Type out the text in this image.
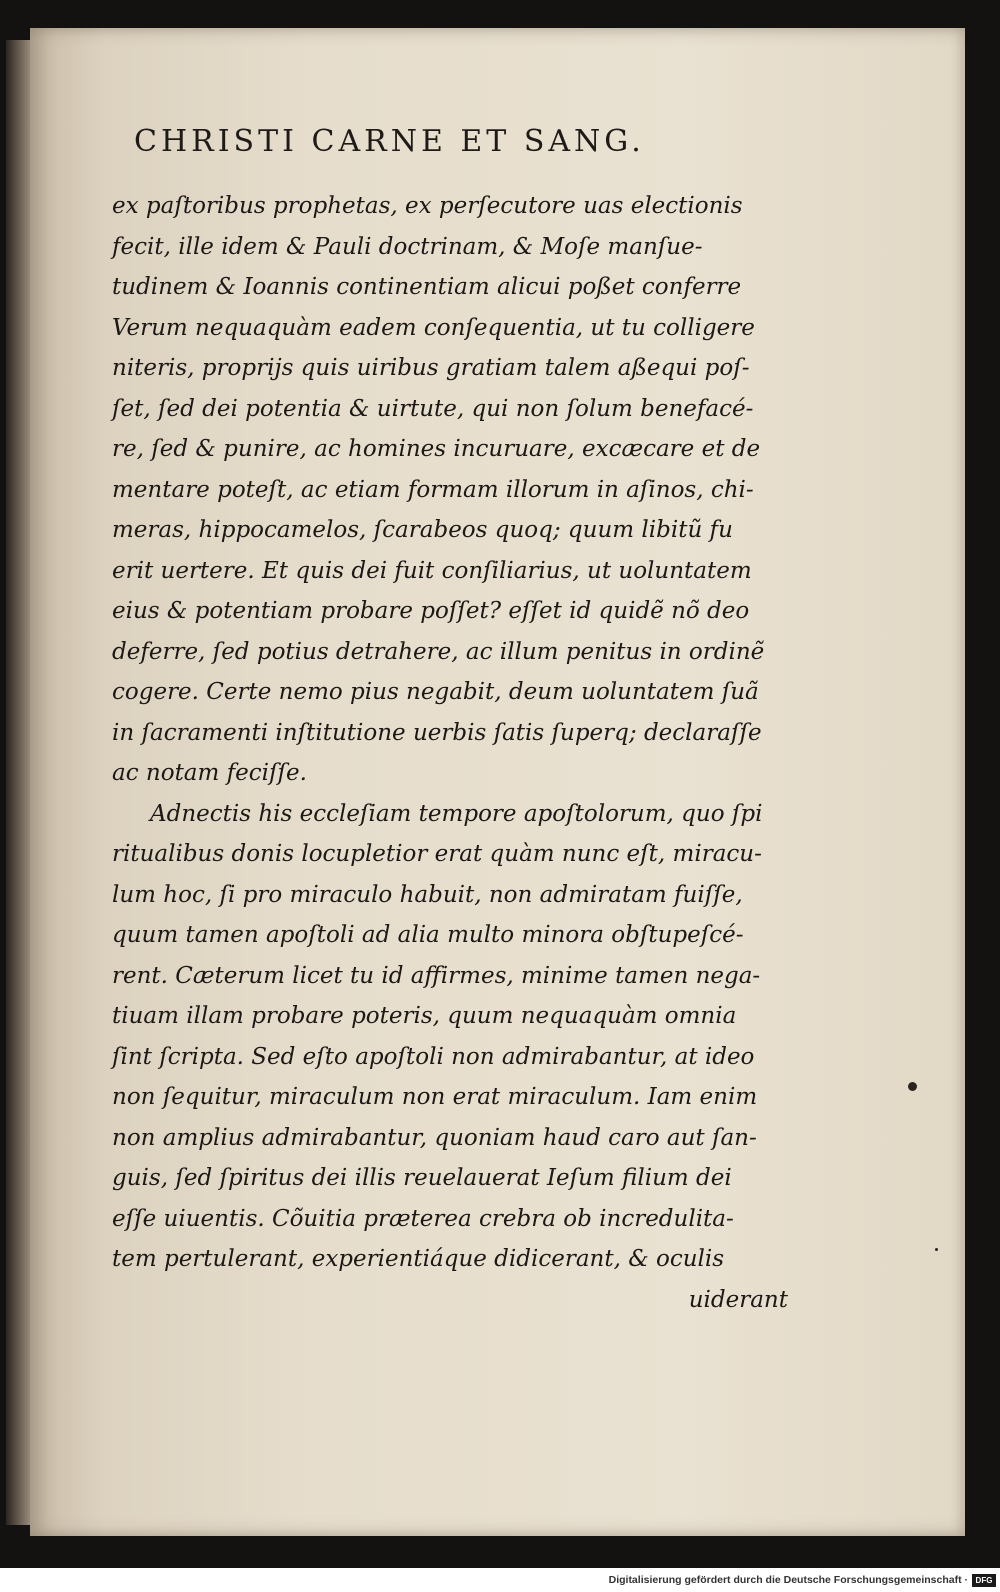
CHRISTI CARNE ET SANG.
ex paſtoribus prophetas, ex perſecutore uas electionis
fecit, ille idem & Pauli doctrinam, & Moſe manſue-
tudinem & Ioannis continentiam alicui poßet conferre
Verum nequaquàm eadem conſequentia, ut tu colligere
niteris, proprijs quis uiribus gratiam talem aßequi poſ-
ſet, ſed dei potentia & uirtute, qui non ſolum benefacé-
re, ſed & punire, ac homines incuruare, excæcare et de
mentare poteſt, ac etiam formam illorum in aſinos, chi-
meras, hippocamelos, ſcarabeos quoq; quum libitũ fu
erit uertere. Et quis dei fuit conſiliarius, ut uoluntatem
eius & potentiam probare poſſet? eſſet id quidẽ nõ deo
deferre, ſed potius detrahere, ac illum penitus in ordinẽ
cogere. Certe nemo pius negabit, deum uoluntatem ſuã
in ſacramenti inſtitutione uerbis ſatis ſuperq; declaraſſe
ac notam feciſſe.
Adnectis his eccleſiam tempore apoſtolorum, quo ſpi
ritualibus donis locupletior erat quàm nunc eſt, miracu-
lum hoc, ſi pro miraculo habuit, non admiratam fuiſſe,
quum tamen apoſtoli ad alia multo minora obſtupeſcé-
rent. Cæterum licet tu id affirmes, minime tamen nega-
tiuam illam probare poteris, quum nequaquàm omnia
ſint ſcripta. Sed eſto apoſtoli non admirabantur, at ideo
non ſequitur, miraculum non erat miraculum. Iam enim
non amplius admirabantur, quoniam haud caro aut ſan-
guis, ſed ſpiritus dei illis reuelauerat Ieſum filium dei
eſſe uiuentis. Cõuitia præterea crebra ob incredulita-
tem pertulerant, experientiáque didicerant, & oculis
uiderant
Digitalisierung gefördert durch die Deutsche Forschungsgemeinschaft · DFG
